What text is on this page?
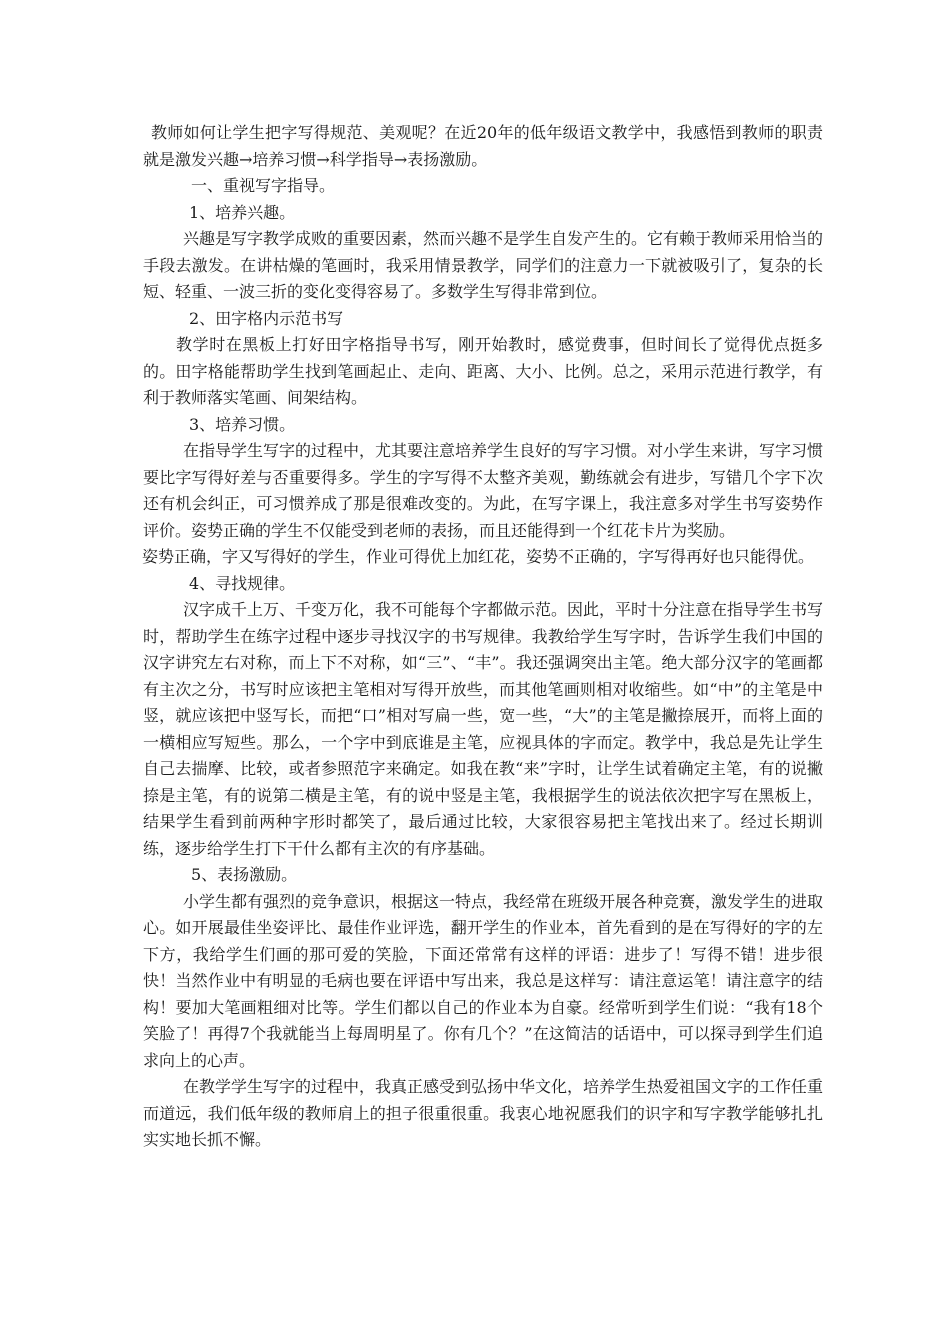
教师如何让学生把字写得规范、美观呢？在近20年的低年级语文教学中，我感悟到教师的职责就是激发兴趣→培养习惯→科学指导→表扬激励。

一、重视写字指导。

1、培养兴趣。

兴趣是写字教学成败的重要因素，然而兴趣不是学生自发产生的。它有赖于教师采用恰当的手段去激发。在讲枯燥的笔画时，我采用情景教学，同学们的注意力一下就被吸引了，复杂的长短、轻重、一波三折的变化变得容易了。多数学生写得非常到位。

2、田字格内示范书写

教学时在黑板上打好田字格指导书写，刚开始教时，感觉费事，但时间长了觉得优点挺多的。田字格能帮助学生找到笔画起止、走向、距离、大小、比例。总之，采用示范进行教学，有利于教师落实笔画、间架结构。

3、培养习惯。

在指导学生写字的过程中，尤其要注意培养学生良好的写字习惯。对小学生来讲，写字习惯要比字写得好差与否重要得多。学生的字写得不太整齐美观，勤练就会有进步，写错几个字下次还有机会纠正，可习惯养成了那是很难改变的。为此，在写字课上，我注意多对学生书写姿势作评价。姿势正确的学生不仅能受到老师的表扬，而且还能得到一个红花卡片为奖励。

姿势正确，字又写得好的学生，作业可得优上加红花，姿势不正确的，字写得再好也只能得优。

4、寻找规律。

汉字成千上万、千变万化，我不可能每个字都做示范。因此，平时十分注意在指导学生书写时，帮助学生在练字过程中逐步寻找汉字的书写规律。我教给学生写字时，告诉学生我们中国的汉字讲究左右对称，而上下不对称，如“三”、“丰”。我还强调突出主笔。绝大部分汉字的笔画都有主次之分，书写时应该把主笔相对写得开放些，而其他笔画则相对收缩些。如“中”的主笔是中竖，就应该把中竖写长，而把“口”相对写扁一些，宽一些，“大”的主笔是撇捺展开，而将上面的一横相应写短些。那么，一个字中到底谁是主笔，应视具体的字而定。教学中，我总是先让学生自己去揣摩、比较，或者参照范字来确定。如我在教“来”字时，让学生试着确定主笔，有的说撇捺是主笔，有的说第二横是主笔，有的说中竖是主笔，我根据学生的说法依次把字写在黑板上，结果学生看到前两种字形时都笑了，最后通过比较，大家很容易把主笔找出来了。经过长期训练，逐步给学生打下干什么都有主次的有序基础。

5、表扬激励。

小学生都有强烈的竞争意识，根据这一特点，我经常在班级开展各种竞赛，激发学生的进取心。如开展最佳坐姿评比、最佳作业评选，翻开学生的作业本，首先看到的是在写得好的字的左下方，我给学生们画的那可爱的笑脸，下面还常常有这样的评语：进步了！写得不错！进步很快！当然作业中有明显的毛病也要在评语中写出来，我总是这样写：请注意运笔！请注意字的结构！要加大笔画粗细对比等。学生们都以自己的作业本为自豪。经常听到学生们说：“我有18个笑脸了！再得7个我就能当上每周明星了。你有几个？”在这简洁的话语中，可以探寻到学生们追求向上的心声。

在教学学生写字的过程中，我真正感受到弘扬中华文化，培养学生热爱祖国文字的工作任重而道远，我们低年级的教师肩上的担子很重很重。我衷心地祝愿我们的识字和写字教学能够扎扎实实地长抓不懈。
